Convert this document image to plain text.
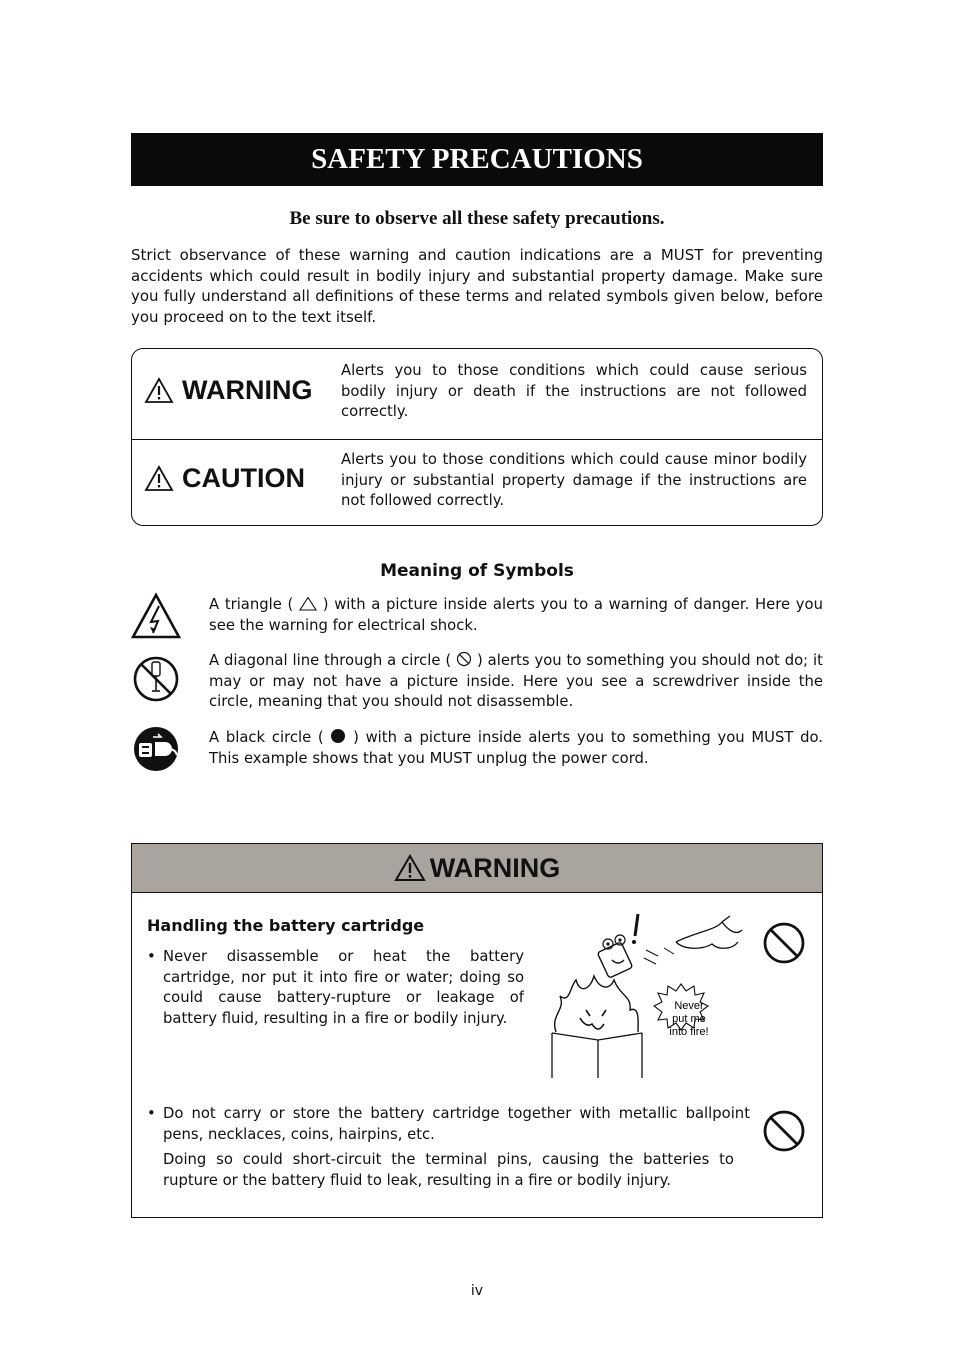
SAFETY PRECAUTIONS
Be sure to observe all these safety precautions.
Strict observance of these warning and caution indications are a MUST for preventing accidents which could result in bodily injury and substantial property damage. Make sure you fully understand all definitions of these terms and related symbols given below, before you proceed on to the text itself.
WARNING
Alerts you to those conditions which could cause serious bodily injury or death if the instructions are not followed correctly.
CAUTION
Alerts you to those conditions which could cause minor bodily injury or substantial property damage if the instructions are not followed correctly.
Meaning of Symbols
A triangle ( ) with a picture inside alerts you to a warning of danger. Here you see the warning for electrical shock.
A diagonal line through a circle ( ) alerts you to something you should not do; it may or may not have a picture inside. Here you see a screwdriver inside the circle, meaning that you should not disassemble.
A black circle ( ) with a picture inside alerts you to something you MUST do. This example shows that you MUST unplug the power cord.
WARNING
Handling the battery cartridge
• Never disassemble or heat the battery cartridge, nor put it into fire or water; doing so could cause battery-rupture or leakage of battery fluid, resulting in a fire or bodily injury.
Never
put me
into fire!
• Do not carry or store the battery cartridge together with metallic ballpoint pens, necklaces, coins, hairpins, etc.
Doing so could short-circuit the terminal pins, causing the batteries to rupture or the battery fluid to leak, resulting in a fire or bodily injury.
iv
